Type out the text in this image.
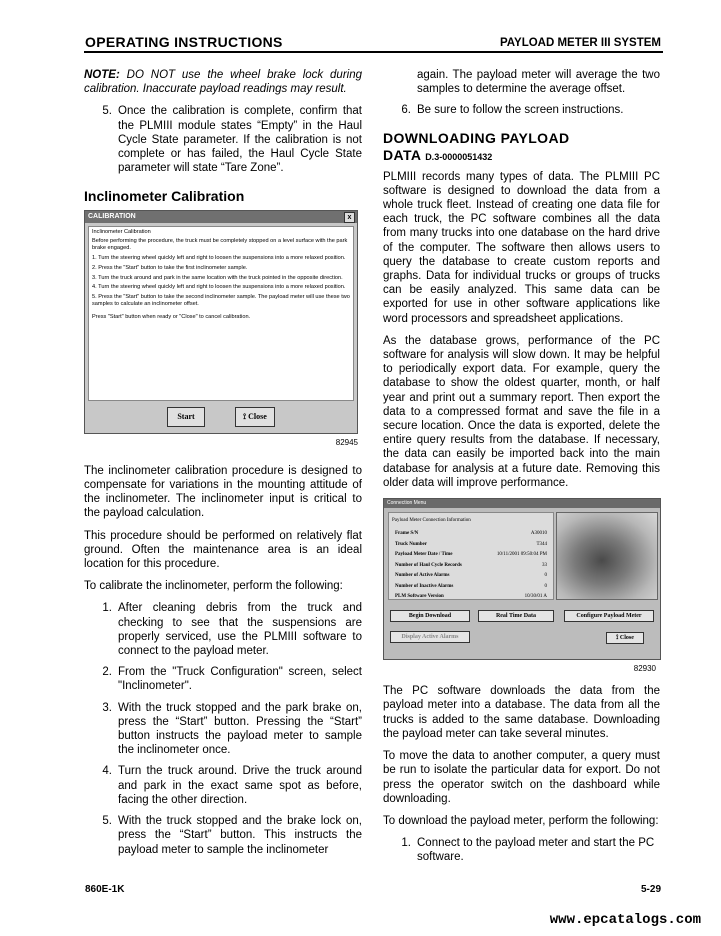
OPERATING INSTRUCTIONS	PAYLOAD METER III SYSTEM

NOTE: DO NOT use the wheel brake lock during calibration. Inaccurate payload readings may result.

5. Once the calibration is complete, confirm that the PLMIII module states “Empty” in the Haul Cycle State parameter. If the calibration is not complete or has failed, the Haul Cycle State parameter will state “Tare Zone”.
Inclinometer Calibration
CALIBRATION	x
Inclinometer Calibration
Before performing the procedure, the truck must be completely stopped on a level surface with the park brake engaged.
1. Turn the steering wheel quickly left and right to loosen the suspensions into a more relaxed position.
2. Press the "Start" button to take the first inclinometer sample.
3. Turn the truck around and park in the same location with the truck pointed in the opposite direction.
4. Turn the steering wheel quickly left and right to loosen the suspensions into a more relaxed position.
5. Press the "Start" button to take the second inclinometer sample. The payload meter will use these two samples to calculate an inclinometer offset.
Press "Start" button when ready or "Close" to cancel calibration.
Start	⟟ Close
82945

The inclinometer calibration procedure is designed to compensate for variations in the mounting attitude of the inclinometer. The inclinometer input is critical to the payload calculation.

This procedure should be performed on relatively flat ground. Often the maintenance area is an ideal location for this procedure.

To calibrate the inclinometer, perform the following:

1. After cleaning debris from the truck and checking to see that the suspensions are properly serviced, use the PLMIII software to connect to the payload meter.
2. From the "Truck Configuration" screen, select "Inclinometer".
3. With the truck stopped and the park brake on, press the “Start” button. Pressing the “Start” button instructs the payload meter to sample the inclinometer once.
4. Turn the truck around. Drive the truck around and park in the exact same spot as before, facing the other direction.
5. With the truck stopped and the brake lock on, press the “Start” button. This instructs the payload meter to sample the inclinometer
again. The payload meter will average the two samples to determine the average offset.
6. Be sure to follow the screen instructions.
DOWNLOADING PAYLOAD
DATA D.3-0000051432

PLMIII records many types of data. The PLMIII PC software is designed to download the data from a whole truck fleet. Instead of creating one data file for each truck, the PC software combines all the data from many trucks into one database on the hard drive of the computer. The software then allows users to query the database to create custom reports and graphs. Data for individual trucks or groups of trucks can be easily analyzed. This same data can be exported for use in other software applications like word processors and spreadsheet applications.

As the database grows, performance of the PC software for analysis will slow down. It may be helpful to periodically export data. For example, query the database to show the oldest quarter, month, or half year and print out a summary report. Then export the data to a compressed format and save the file in a secure location. Once the data is exported, delete the entire query results from the database. If necessary, the data can easily be imported back into the main database for analysis at a future date. Removing this older data will improve performance.

Connection Menu
Payload Meter Connection Information
Frame S/N	A30010
Truck Number	T344
Payload Meter Date / Time	10/11/2001 09:50:04 PM
Number of Haul Cycle Records	33
Number of Active Alarms	0
Number of Inactive Alarms	0
PLM Software Version	10/30/01 A
Begin Download	Real Time Data	Configure Payload Meter
Display Active Alarms	⟟ Close
82930

The PC software downloads the data from the payload meter into a database. The data from all the trucks is added to the same database. Downloading the payload meter can take several minutes.

To move the data to another computer, a query must be run to isolate the particular data for export. Do not press the operator switch on the dashboard while downloading.

To download the payload meter, perform the following:

1. Connect to the payload meter and start the PC software.
860E-1K	5-29
www.epcatalogs.com
